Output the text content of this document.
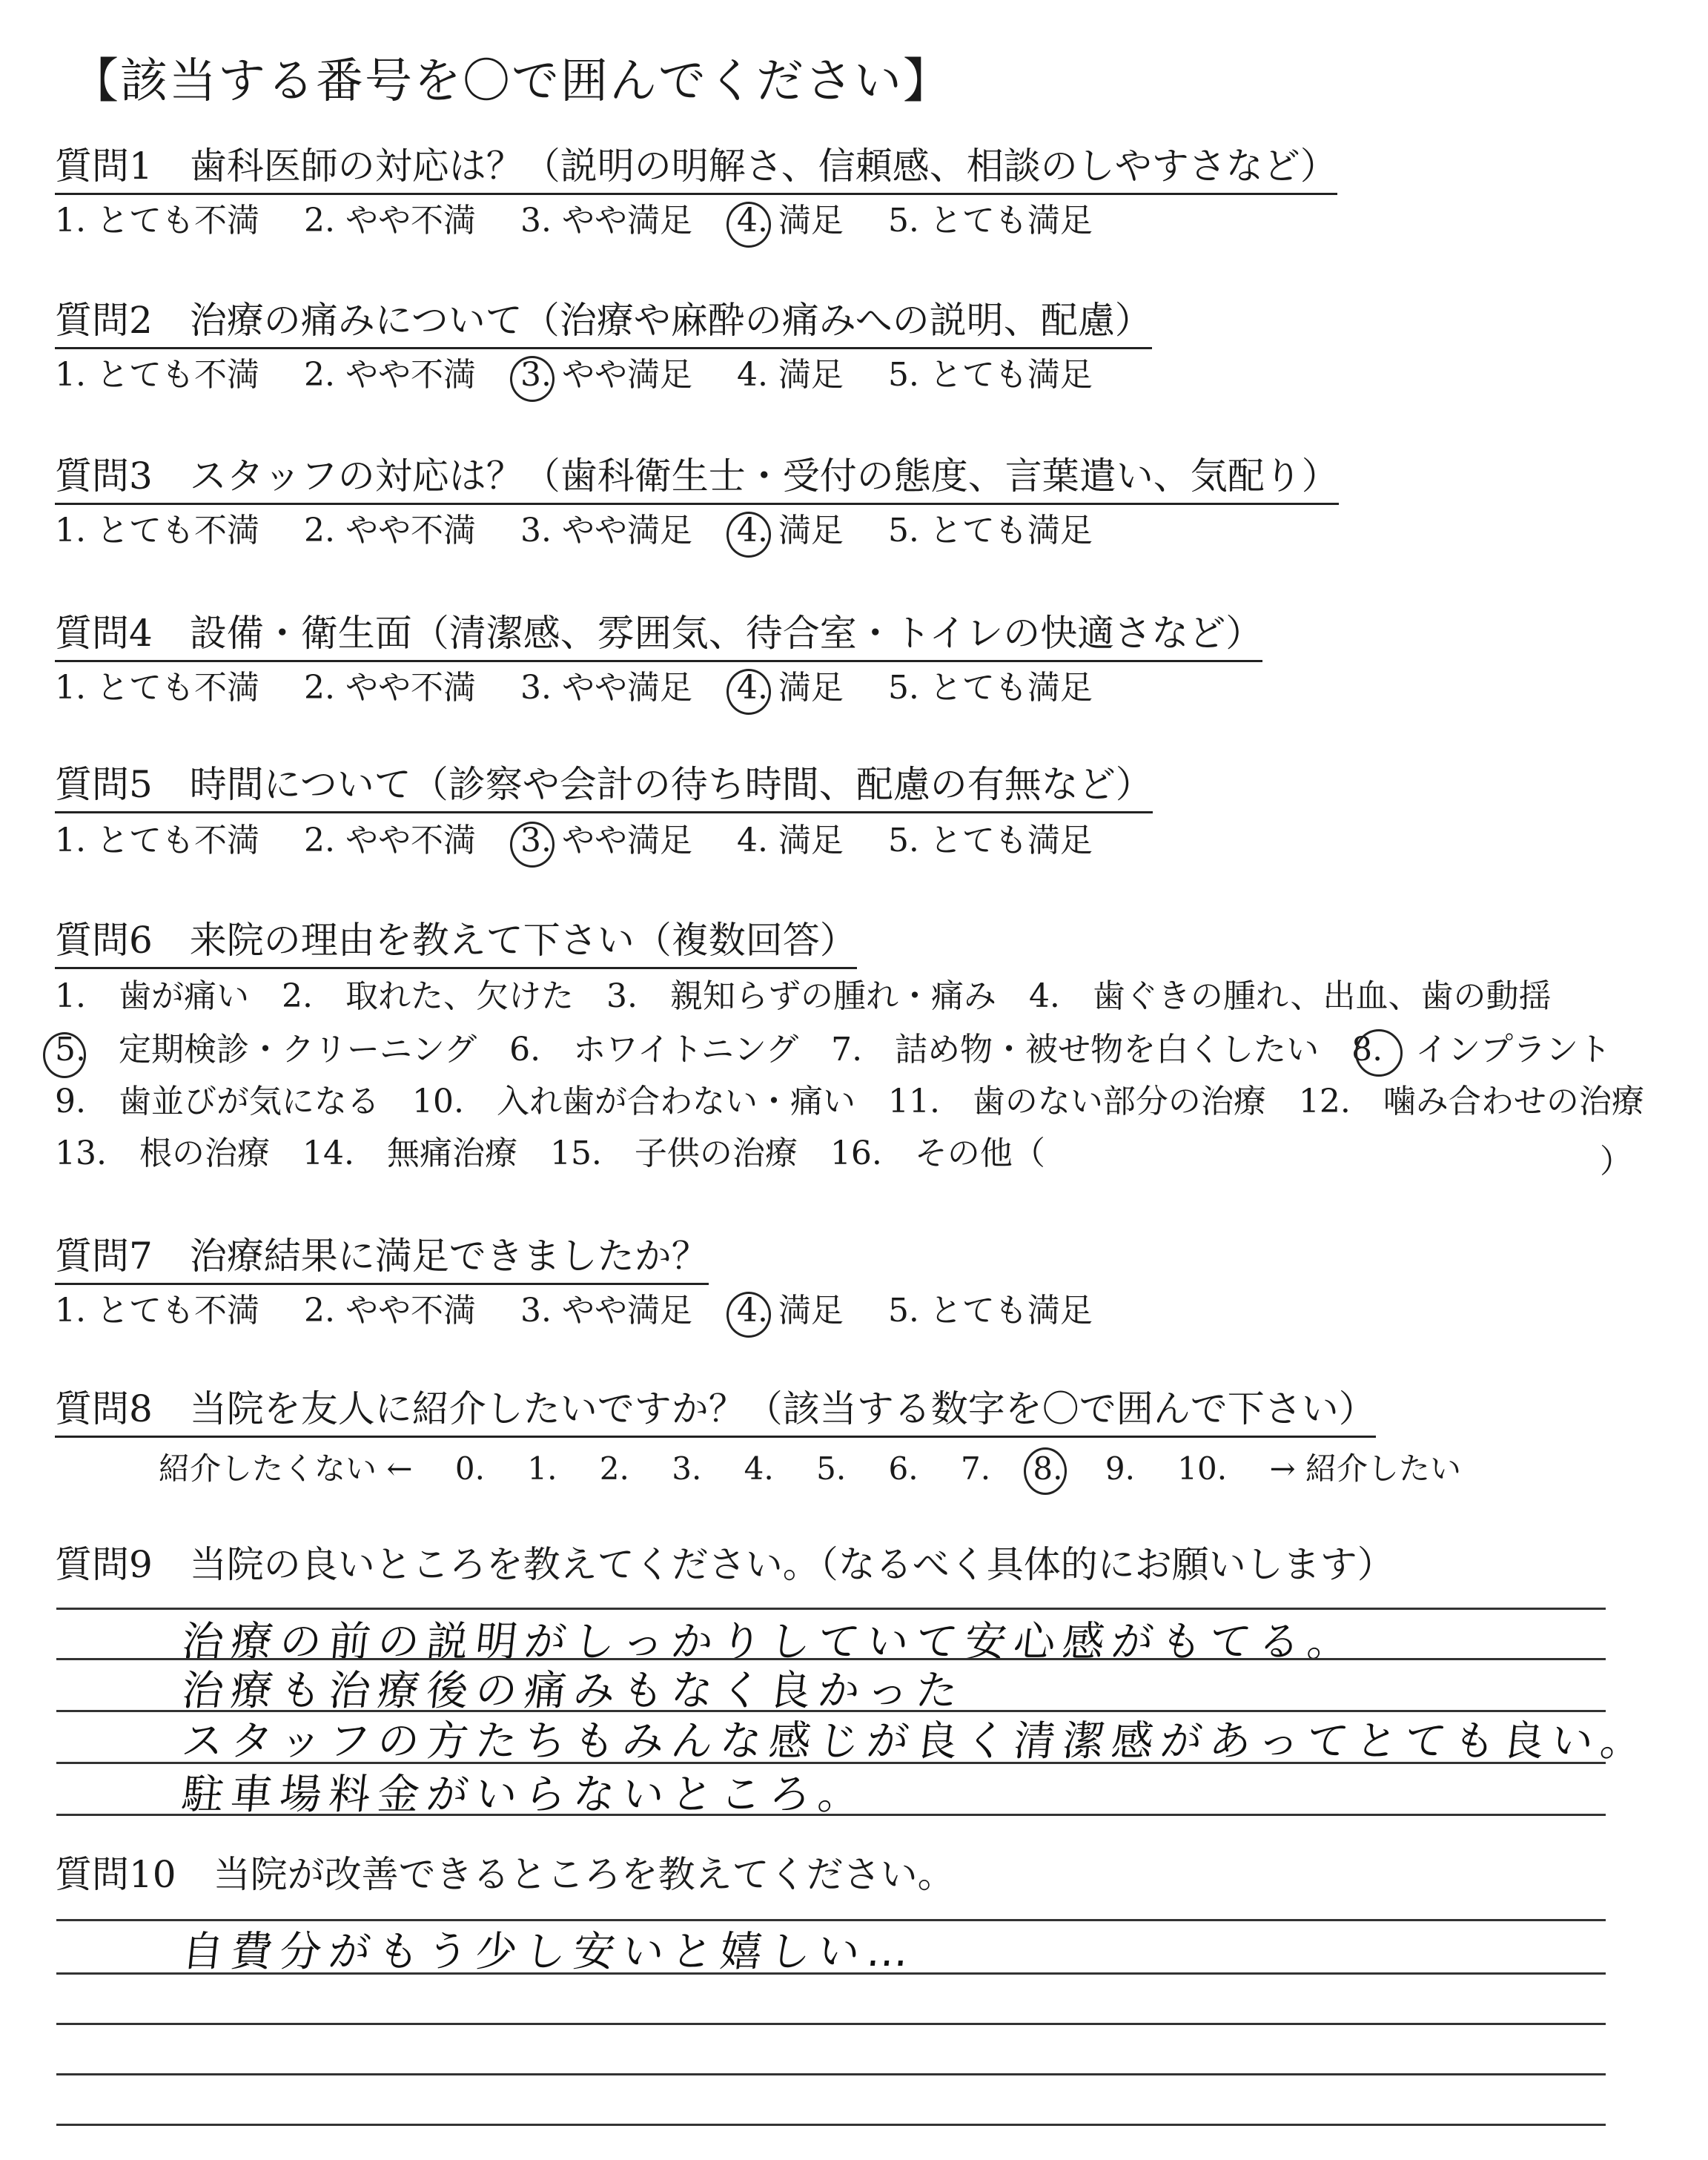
【該当する番号を〇で囲んでください】
質問1　歯科医師の対応は？（説明の明解さ、信頼感、相談のしやすさなど）
1. とても不満 2. やや不満 3. やや満足 4. 満足 5. とても満足
質問2　治療の痛みについて（治療や麻酔の痛みへの説明、配慮）
1. とても不満 2. やや不満 3. やや満足 4. 満足 5. とても満足
質問3　スタッフの対応は？（歯科衛生士・受付の態度、言葉遣い、気配り）
1. とても不満 2. やや不満 3. やや満足 4. 満足 5. とても満足
質問4　設備・衛生面（清潔感、雰囲気、待合室・トイレの快適さなど）
1. とても不満 2. やや不満 3. やや満足 4. 満足 5. とても満足
質問5　時間について（診察や会計の待ち時間、配慮の有無など）
1. とても不満 2. やや不満 3. やや満足 4. 満足 5. とても満足
質問6　来院の理由を教えて下さい（複数回答）
1.　歯が痛い　2.　取れた、欠けた　3.　親知らずの腫れ・痛み　4.　歯ぐきの腫れ、出血、歯の動揺
5.　定期検診・クリーニング　6.　ホワイトニング　7.　詰め物・被せ物を白くしたい　8.　インプラント
9.　歯並びが気になる　10.　入れ歯が合わない・痛い　11.　歯のない部分の治療　12.　噛み合わせの治療
13.　根の治療　14.　無痛治療　15.　子供の治療　16.　その他（	）
質問7　治療結果に満足できましたか？
1. とても不満 2. やや不満 3. やや満足 4. 満足 5. とても満足
質問8　当院を友人に紹介したいですか？（該当する数字を〇で囲んで下さい）
紹介したくない ← 0. 1. 2. 3. 4. 5. 6. 7. 8. 9. 10. → 紹介したい
質問9　当院の良いところを教えてください。（なるべく具体的にお願いします）
治療の前の説明がしっかりしていて安心感がもてる。
治療も治療後の痛みもなく良かった
スタッフの方たちもみんな感じが良く清潔感があってとても良い。
駐車場料金がいらないところ。
質問10　当院が改善できるところを教えてください。
自費分がもう少し安いと嬉しい…
